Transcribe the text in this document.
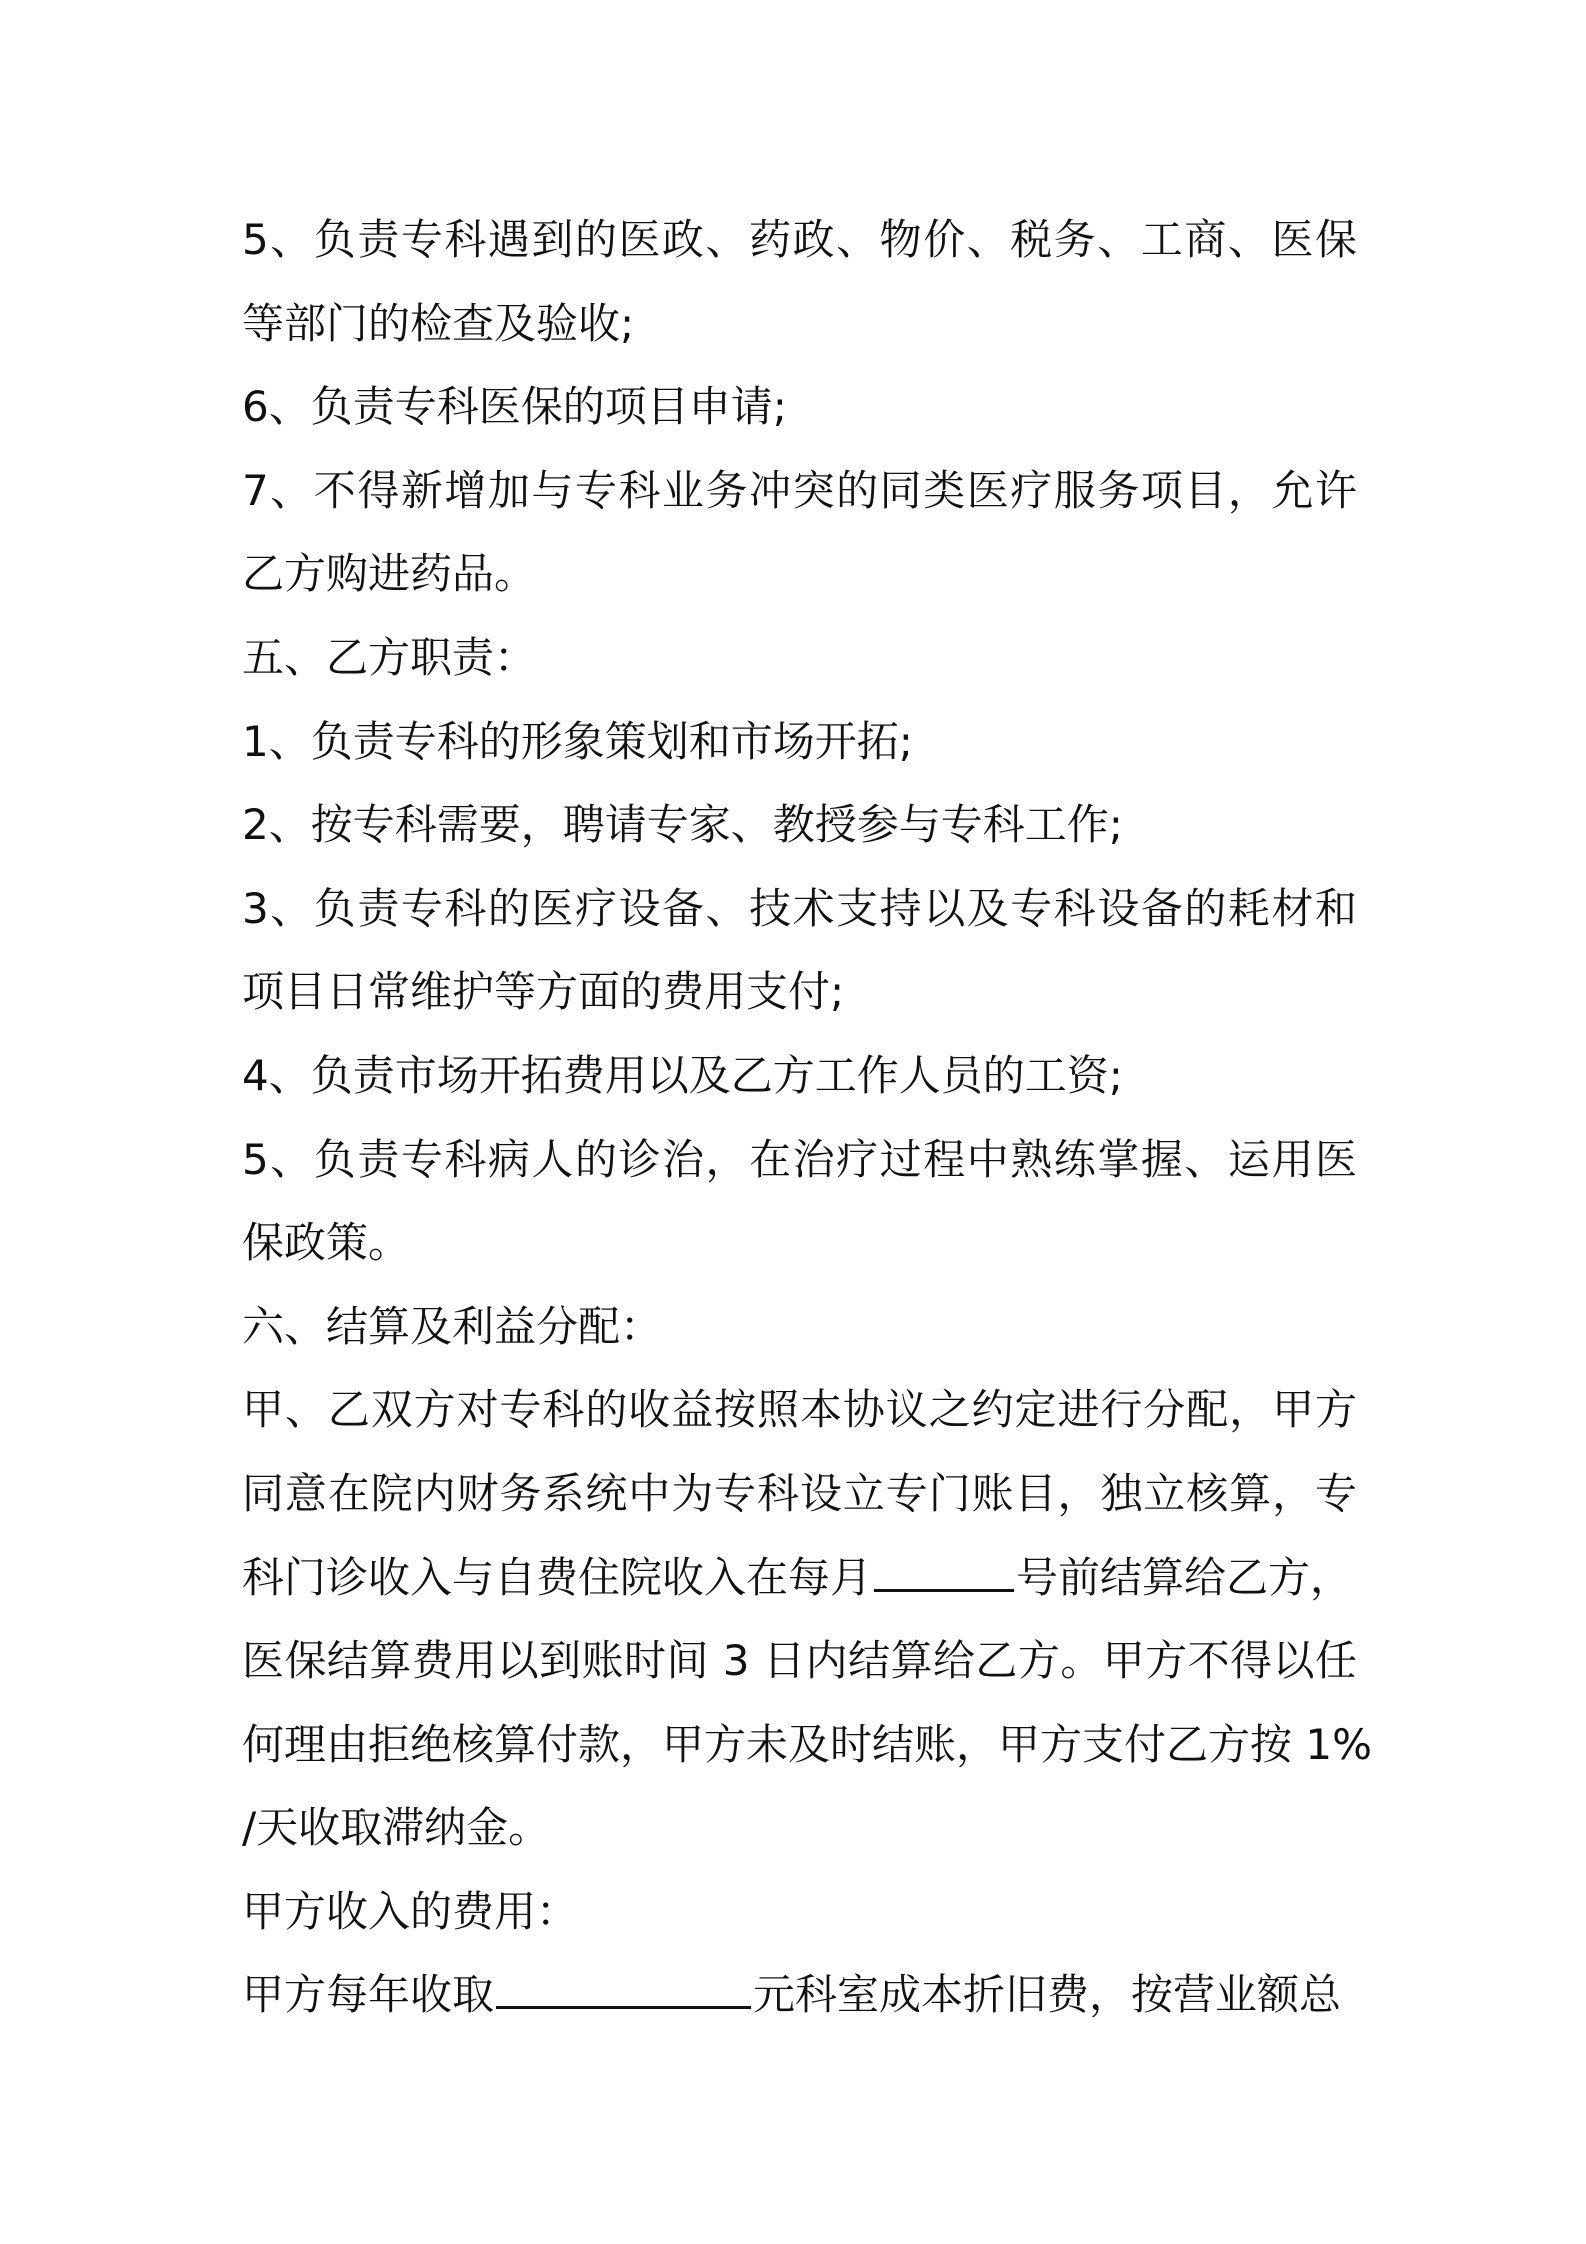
5、负责专科遇到的医政、药政、物价、税务、工商、医保
等部门的检查及验收;
6、负责专科医保的项目申请;
7、不得新增加与专科业务冲突的同类医疗服务项目，允许
乙方购进药品。
五、乙方职责：
1、负责专科的形象策划和市场开拓;
2、按专科需要，聘请专家、教授参与专科工作;
3、负责专科的医疗设备、技术支持以及专科设备的耗材和
项目日常维护等方面的费用支付;
4、负责市场开拓费用以及乙方工作人员的工资;
5、负责专科病人的诊治，在治疗过程中熟练掌握、运用医
保政策。
六、结算及利益分配：
甲、乙双方对专科的收益按照本协议之约定进行分配，甲方
同意在院内财务系统中为专科设立专门账目，独立核算，专
科门诊收入与自费住院收入在每月	号前结算给乙方，
医保结算费用以到账时间 3 日内结算给乙方。甲方不得以任
何理由拒绝核算付款，甲方未及时结账，甲方支付乙方按 1%
/天收取滞纳金。
甲方收入的费用：
甲方每年收取	元科室成本折旧费，按营业额总
